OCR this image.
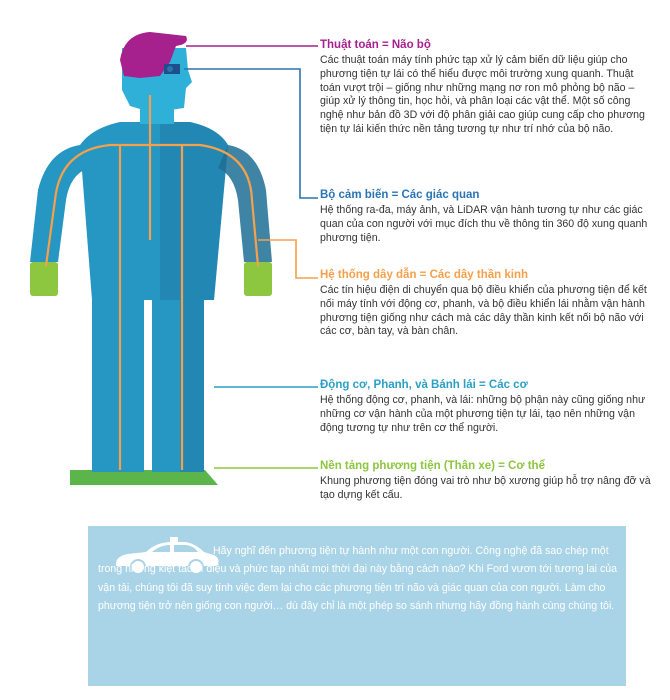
Thuật toán = Não bộ

Các thuật toán máy tính phức tạp xử lý cảm biến dữ liệu giúp cho phương tiện tự lái có thể hiểu được môi trường xung quanh. Thuật toán vượt trội – giống như những mạng nơ ron mô phỏng bộ não – giúp xử lý thông tin, học hỏi, và phân loại các vật thể. Một số công nghệ như bản đồ 3D với độ phân giải cao giúp cung cấp cho phương tiện tự lái kiến thức nền tảng tương tự như trí nhớ của bộ não.

Bộ cảm biến = Các giác quan

Hệ thống ra-đa, máy ảnh, và LiDAR vận hành tương tự như các giác quan của con người với mục đích thu về thông tin 360 độ xung quanh phương tiện.

Hệ thống dây dẫn = Các dây thần kinh

Các tín hiệu điện di chuyển qua bộ điều khiển của phương tiện để kết nối máy tính với động cơ, phanh, và bộ điều khiển lái nhằm vận hành phương tiện giống như cách mà các dây thần kinh kết nối bộ não với các cơ, bàn tay, và bàn chân.

Động cơ, Phanh, và Bánh lái = Các cơ

Hệ thống động cơ, phanh, và lái: những bộ phận này cũng giống như những cơ vận hành của một phương tiện tự lái, tạo nên những vận động tương tự như trên cơ thể người.

Nền tảng phương tiện (Thân xe) = Cơ thể

Khung phương tiện đóng vai trò như bộ xương giúp hỗ trợ nâng đỡ và tạo dựng kết cấu.

Hãy nghĩ đến phương tiện tự hành như một con người. Công nghệ đã sao chép một trong những kiệt tác kì diệu và phức tạp nhất mọi thời đại này bằng cách nào? Khi Ford vươn tới tương lai của vận tải, chúng tôi đã suy tính việc đem lại cho các phương tiện trí não và giác quan của con người. Làm cho phương tiện trở nên giống con người… dù đây chỉ là một phép so sánh nhưng hãy đồng hành cùng chúng tôi.
